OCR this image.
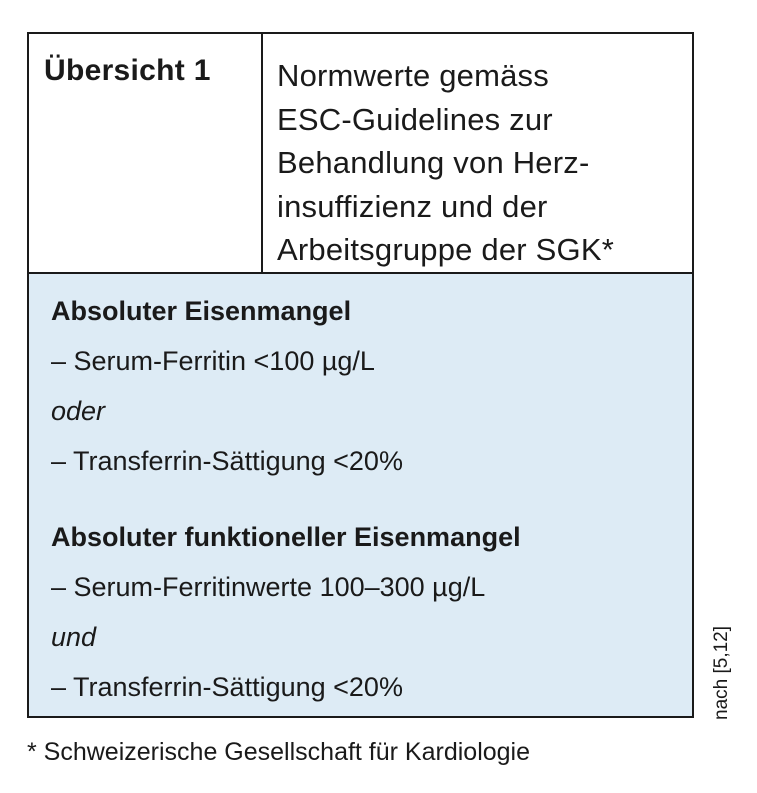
Übersicht 1 Normwerte gemäss
ESC-Guidelines zur
Behandlung von Herz-
insuffizienz und der
Arbeitsgruppe der SGK*
Absoluter Eisenmangel
– Serum-Ferritin <100 µg/L
oder
– Transferrin-Sättigung <20%
Absoluter funktioneller Eisenmangel
– Serum-Ferritinwerte 100–300 µg/L
und
– Transferrin-Sättigung <20%	nach [5,12]
* Schweizerische Gesellschaft für Kardiologie
